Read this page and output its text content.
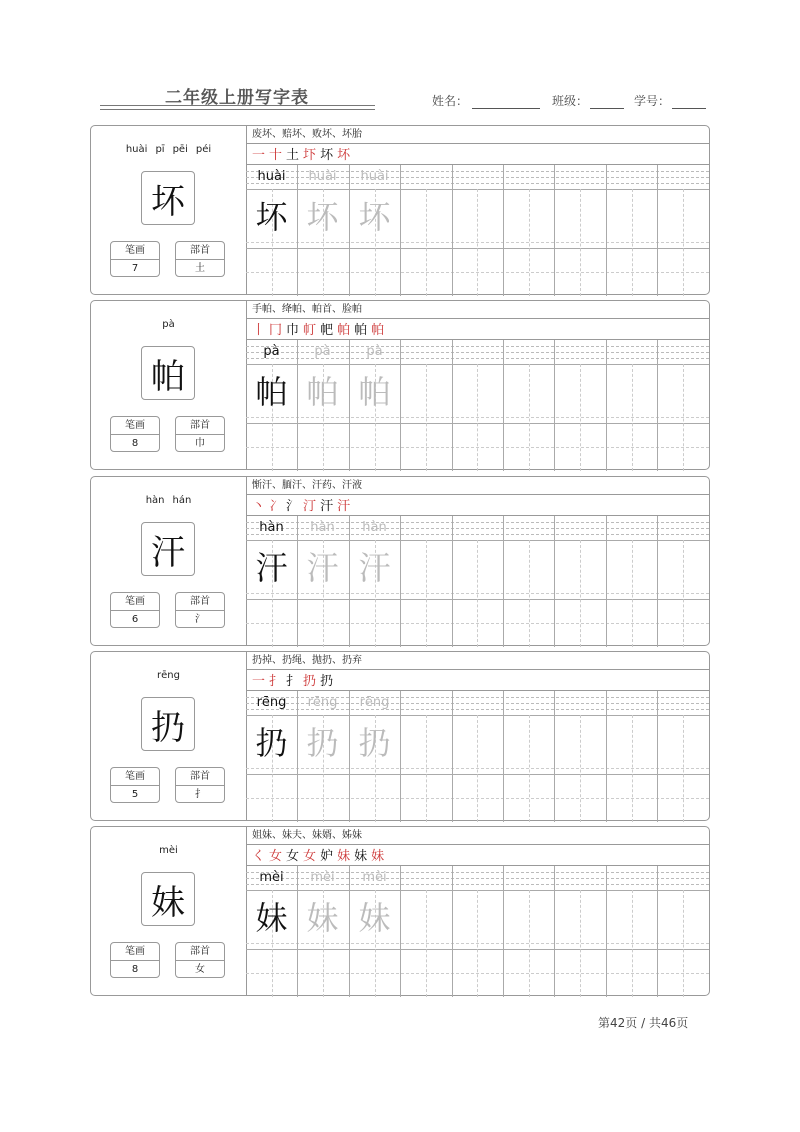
二年级上册写字表	姓名：	班级：	学号：
huài pī pēi péi
坏
笔画
7
部首
土
废坏、赔坏、败坏、坏胎
一 十 土 圷 坏 坏
huài
坏
huài
坏
huài
坏
pà
帕
笔画
8
部首
巾
手帕、绛帕、帕首、脸帕
丨 冂 巾 帄 帊 帕 帕 帕
pà
帕
pà
帕
pà
帕
hàn hán
汗
笔画
6
部首
氵
惭汗、腼汗、汗药、汗液
丶 冫 氵 汀 汗 汗
hàn
汗
hàn
汗
hàn
汗
rēng
扔
笔画
5
部首
扌
扔掉、扔绳、抛扔、扔弃
一 扌 扌 扔 扔
rēng
扔
rēng
扔
rēng
扔
mèi
妹
笔画
8
部首
女
姐妹、妹夫、妹婿、姊妹
く 女 女 女 妒 妹 妹 妹
mèi
妹
mèi
妹
mèi
妹
第42页 / 共46页
